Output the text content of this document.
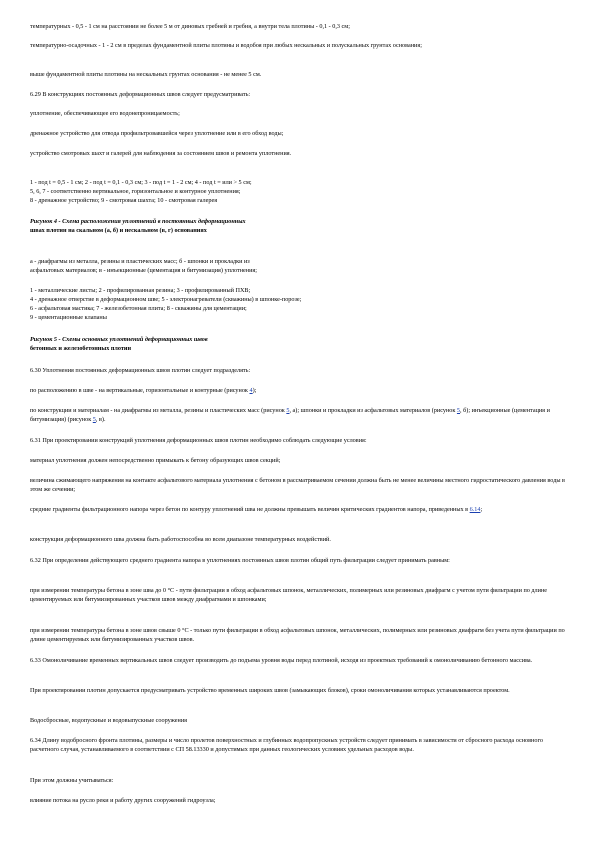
температурных - 0,5 - 1 см на расстоянии не более 5 м от диновых гребней и гребня, а внутри тела плотины - 0,1 - 0,3 см;

температурно-осадочных - 1 - 2 см в пределах фундаментной плиты плотины и водобоя при любых нескальных и полускальных грунтах основания;

выше фундаментной плиты плотины на нескальных грунтах основания - не менее 5 см.

6.29 В конструкциях постоянных деформационных швов следует предусматривать:

уплотнение, обеспечивающее его водонепроницаемость;

дренажное устройство для отвода профильтровавшейся через уплотнение или в его обход воды;

устройство смотровых шахт и галерей для наблюдения за состоянием швов и ремонта уплотнения.

1 - под t = 0,5 - 1 см; 2 - под t = 0,1 - 0,3 см; 3 - под t = 1 - 2 см; 4 - под t = или > 5 см;
5, 6, 7 - соответственно вертикальное, горизонтальное и контурное уплотнения;
8 - дренажное устройство; 9 - смотровая шахта; 10 - смотровая галерея
Рисунок 4 - Схема расположения уплотнений в постоянных деформационных
швах плотин на скальном (а, б) и нескальном (в, г) основаниях
а - диафрагмы из металла, резины и пластических масс; б - шпонки и прокладки из
асфальтовых материалов; в - инъекционные (цементация и битумизация) уплотнения;
1 - металлические листы; 2 - профилированная резина; 3 - профилированный ПХВ;
4 - дренажное отверстие в деформационном шве; 5 - электронагреватели (скважины) в шпонке-порозе;
6 - асфальтовая мастика; 7 - железобетонная плита; 8 - скважины для цементации;
9 - цементационные клапаны
Рисунок 5 - Схемы основных уплотнений деформационных швов
бетонных и железобетонных плотин

6.30 Уплотнения постоянных деформационных швов плотин следует подразделять:

по расположению в шве - на вертикальные, горизонтальные и контурные (рисунок 4);

по конструкции и материалам - на диафрагмы из металла, резины и пластических масс (рисунок 5, а); шпонки и прокладки из асфальтовых материалов (рисунок 5, б); инъекционные (цементация и битумизация) (рисунок 5, в).

6.31 При проектировании конструкций уплотнения деформационных швов плотин необходимо соблюдать следующие условия:

материал уплотнения должен непосредственно примыкать к бетону образующих швов секций;

величина сжимающего напряжения на контакте асфальтового материала уплотнения с бетоном в рассматриваемом сечении должна быть не менее величины местного гидростатического давления воды в этом же сечении;

средние градиенты фильтрационного напора через бетон по контуру уплотнений шва не должны превышать величин критических градиентов напора, приведенных в 6.14;

конструкция деформационного шва должна быть работоспособна во всем диапазоне температурных воздействий.

6.32 При определении действующего среднего градиента напора в уплотнениях постоянных швов плотин общий путь фильтрации следует принимать равным:

при измерении температуры бетона в зоне шва до 0 °С - пути фильтрации в обход асфальтовых шпонок, металлических, полимерных или резиновых диафрагм с учетом пути фильтрации по длине цементируемых или битумизированных участков швов между диафрагмами и шпонками;

при измерении температуры бетона в зоне швов свыше 0 °С - только пути фильтрации в обход асфальтовых шпонок, металлических, полимерных или резиновых диафрагм без учета пути фильтрации по длине цементируемых или битумизированных участков швов.

6.33 Омоноличивание временных вертикальных швов следует производить до подъема уровня воды перед плотиной, исходя из проектных требований к омоноличиванию бетонного массива.

При проектировании плотин допускается предусматривать устройство временных широких швов (замыкающих блоков), сроки омоноличивания которых устанавливаются проектом.

Водосбросные, водопускные и водовыпускные сооружения

6.34 Длину водобросного фронта плотины, размеры и число пролетов поверхностных и глубинных водопропускных устройств следует принимать в зависимости от сбросного расхода основного расчетного случая, устанавливаемого в соответствии с СП 58.13330 и допустимых при данных геологических условиях удельных расходов воды.

При этом должны учитываться:

влияние потока на русло реки и работу других сооружений гидроузла;
